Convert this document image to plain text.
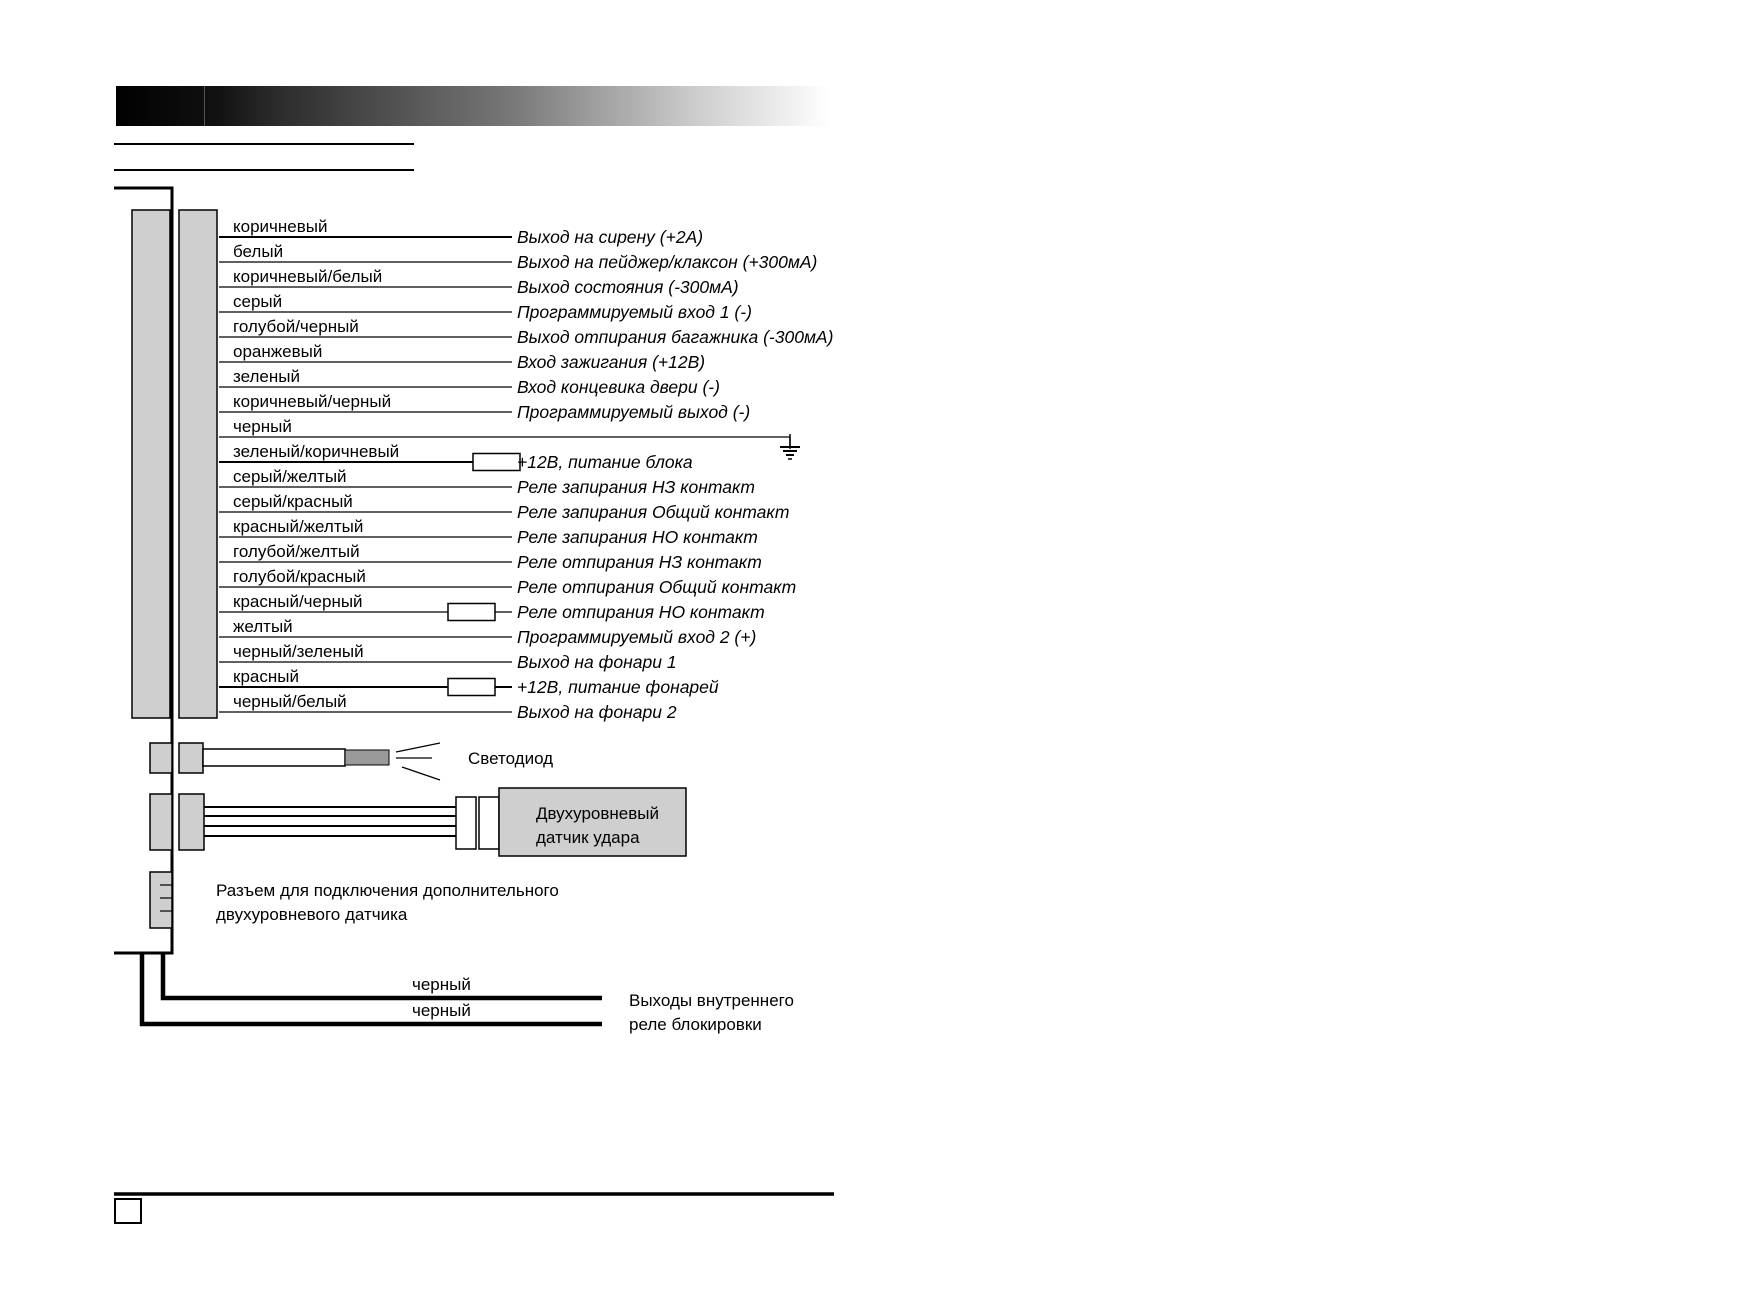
коричневый
Выход на сирену (+2А)
белый
Выход на пейджер/клаксон (+300мА)
коричневый/белый
Выход состояния (-300мА)
серый
Программируемый вход 1 (-)
голубой/черный
Выход отпирания багажника (-300мА)
оранжевый
Вход зажигания (+12В)
зеленый
Вход концевика двери (-)
коричневый/черный
Программируемый выход (-)
черный
зеленый/коричневый
+12В, питание блока
серый/желтый
Реле запирания НЗ контакт
серый/красный
Реле запирания Общий контакт
красный/желтый
Реле запирания НО контакт
голубой/желтый
Реле отпирания НЗ контакт
голубой/красный
Реле отпирания Общий контакт
красный/черный
Реле отпирания НО контакт
желтый
Программируемый вход 2 (+)
черный/зеленый
Выход на фонари 1
красный
+12В, питание фонарей
черный/белый
Выход на фонари 2
Светодиод
Двухуровневый
датчик удара
Разъем для подключения дополнительного
двухуровневого датчика
черный
черный
Выходы внутреннего
реле блокировки
